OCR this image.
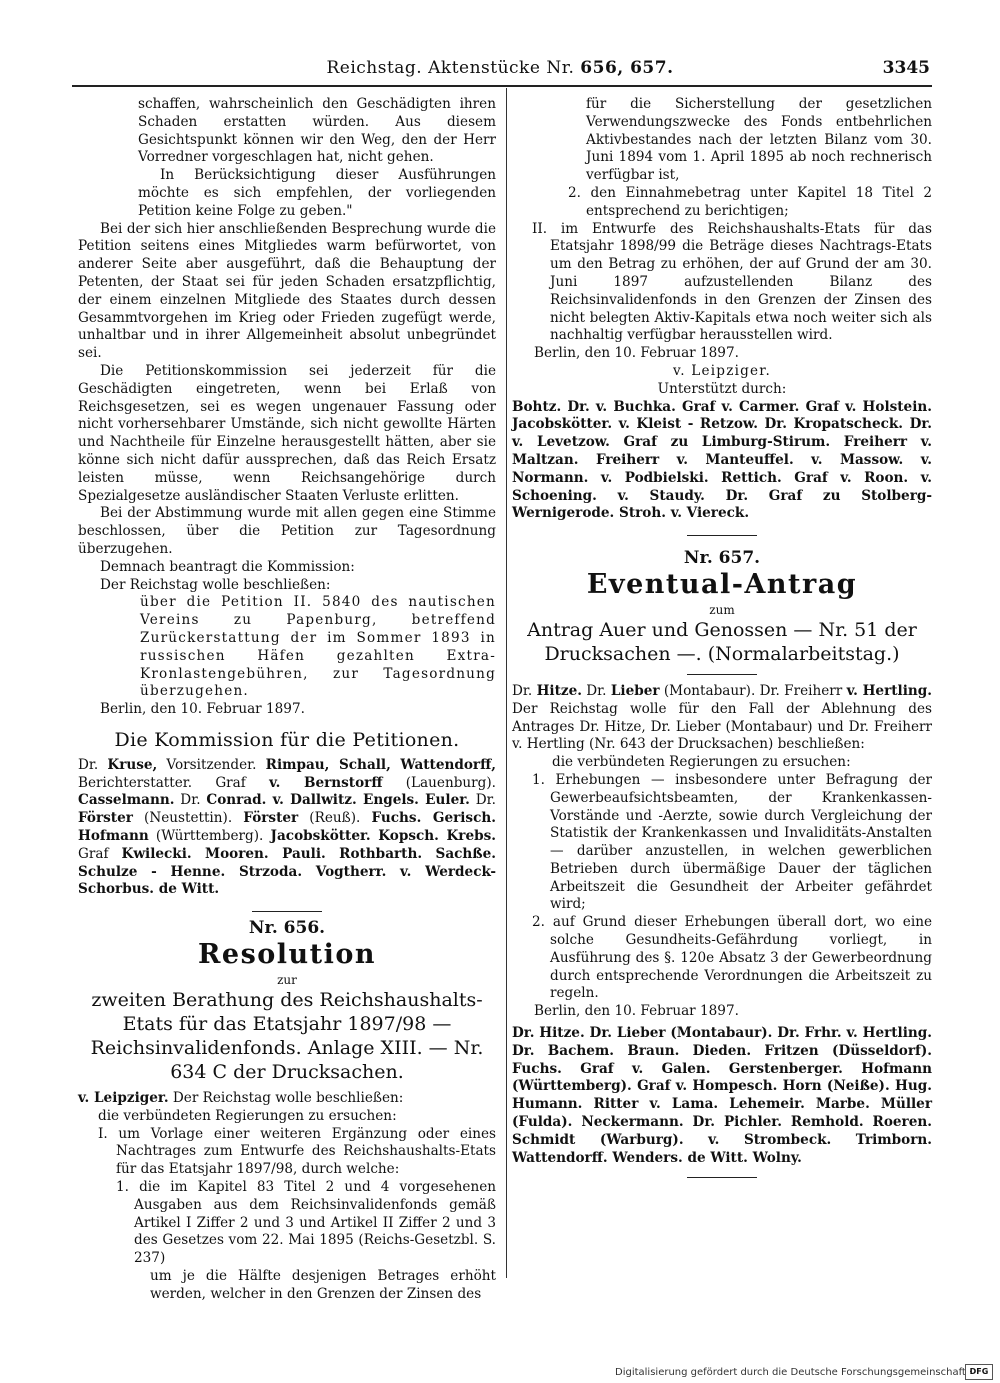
Reichstag. Aktenstücke Nr. 656, 657.	3345

schaffen, wahrscheinlich den Geschädigten ihren Schaden erstatten würden. Aus diesem Gesichtspunkt können wir den Weg, den der Herr Vorredner vorgeschlagen hat, nicht gehen.

In Berücksichtigung dieser Ausführungen möchte es sich empfehlen, der vorliegenden Petition keine Folge zu geben."

Bei der sich hier anschließenden Besprechung wurde die Petition seitens eines Mitgliedes warm befürwortet, von anderer Seite aber ausgeführt, daß die Behauptung der Petenten, der Staat sei für jeden Schaden ersatzpflichtig, der einem einzelnen Mitgliede des Staates durch dessen Gesammtvorgehen im Krieg oder Frieden zugefügt werde, unhaltbar und in ihrer Allgemeinheit absolut unbegründet sei.

Die Petitionskommission sei jederzeit für die Geschädigten eingetreten, wenn bei Erlaß von Reichsgesetzen, sei es wegen ungenauer Fassung oder nicht vorhersehbarer Umstände, sich nicht gewollte Härten und Nachtheile für Einzelne herausgestellt hätten, aber sie könne sich nicht dafür aussprechen, daß das Reich Ersatz leisten müsse, wenn Reichsangehörige durch Spezialgesetze ausländischer Staaten Verluste erlitten.

Bei der Abstimmung wurde mit allen gegen eine Stimme beschlossen, über die Petition zur Tagesordnung überzugehen.

Demnach beantragt die Kommission:

Der Reichstag wolle beschließen:

über die Petition II. 5840 des nautischen Vereins zu Papenburg, betreffend Zurückerstattung der im Sommer 1893 in russischen Häfen gezahlten Extra-Kronlastengebühren, zur Tagesordnung überzugehen.

Berlin, den 10. Februar 1897.

Die Kommission für die Petitionen.

Dr. Kruse, Vorsitzender. Rimpau, Schall, Wattendorff, Berichterstatter. Graf v. Bernstorff (Lauenburg). Casselmann. Dr. Conrad. v. Dallwitz. Engels. Euler. Dr. Förster (Neustettin). Förster (Reuß). Fuchs. Gerisch. Hofmann (Württemberg). Jacobskötter. Kopsch. Krebs. Graf Kwilecki. Mooren. Pauli. Rothbarth. Sachße. Schulze - Henne. Strzoda. Vogtherr. v. Werdeck-Schorbus. de Witt.

Nr. 656.
Resolution
zur
zweiten Berathung des Reichshaushalts-Etats für das Etatsjahr 1897/98 — Reichsinvalidenfonds. Anlage XIII. — Nr. 634 C der Drucksachen.

v. Leipziger. Der Reichstag wolle beschließen:

die verbündeten Regierungen zu ersuchen:

I. um Vorlage einer weiteren Ergänzung oder eines Nachtrages zum Entwurfe des Reichshaushalts-Etats für das Etatsjahr 1897/98, durch welche:

1. die im Kapitel 83 Titel 2 und 4 vorgesehenen Ausgaben aus dem Reichsinvalidenfonds gemäß Artikel I Ziffer 2 und 3 und Artikel II Ziffer 2 und 3 des Gesetzes vom 22. Mai 1895 (Reichs-Gesetzbl. S. 237)

um je die Hälfte desjenigen Betrages erhöht werden, welcher in den Grenzen der Zinsen des

für die Sicherstellung der gesetzlichen Verwendungszwecke des Fonds entbehrlichen Aktivbestandes nach der letzten Bilanz vom 30. Juni 1894 vom 1. April 1895 ab noch rechnerisch verfügbar ist,

2. den Einnahmebetrag unter Kapitel 18 Titel 2 entsprechend zu berichtigen;

II. im Entwurfe des Reichshaushalts-Etats für das Etatsjahr 1898/99 die Beträge dieses Nachtrags-Etats um den Betrag zu erhöhen, der auf Grund der am 30. Juni 1897 aufzustellenden Bilanz des Reichsinvalidenfonds in den Grenzen der Zinsen des nicht belegten Aktiv-Kapitals etwa noch weiter sich als nachhaltig verfügbar herausstellen wird.

Berlin, den 10. Februar 1897.

v. Leipziger.
Unterstützt durch:

Bohtz. Dr. v. Buchka. Graf v. Carmer. Graf v. Holstein. Jacobskötter. v. Kleist - Retzow. Dr. Kropatscheck. Dr. v. Levetzow. Graf zu Limburg-Stirum. Freiherr v. Maltzan. Freiherr v. Manteuffel. v. Massow. v. Normann. v. Podbielski. Rettich. Graf v. Roon. v. Schoening. v. Staudy. Dr. Graf zu Stolberg-Wernigerode. Stroh. v. Viereck.

Nr. 657.
Eventual-Antrag
zum
Antrag Auer und Genossen — Nr. 51 der Drucksachen —. (Normalarbeitstag.)

Dr. Hitze. Dr. Lieber (Montabaur). Dr. Freiherr v. Hertling. Der Reichstag wolle für den Fall der Ablehnung des Antrages Dr. Hitze, Dr. Lieber (Montabaur) und Dr. Freiherr v. Hertling (Nr. 643 der Drucksachen) beschließen:

die verbündeten Regierungen zu ersuchen:

1. Erhebungen — insbesondere unter Befragung der Gewerbeaufsichtsbeamten, der Krankenkassen-Vorstände und -Aerzte, sowie durch Vergleichung der Statistik der Krankenkassen und Invaliditäts-Anstalten — darüber anzustellen, in welchen gewerblichen Betrieben durch übermäßige Dauer der täglichen Arbeitszeit die Gesundheit der Arbeiter gefährdet wird;

2. auf Grund dieser Erhebungen überall dort, wo eine solche Gesundheits-Gefährdung vorliegt, in Ausführung des §. 120e Absatz 3 der Gewerbeordnung durch entsprechende Verordnungen die Arbeitszeit zu regeln.

Berlin, den 10. Februar 1897.

Dr. Hitze. Dr. Lieber (Montabaur). Dr. Frhr. v. Hertling. Dr. Bachem. Braun. Dieden. Fritzen (Düsseldorf). Fuchs. Graf v. Galen. Gerstenberger. Hofmann (Württemberg). Graf v. Hompesch. Horn (Neiße). Hug. Humann. Ritter v. Lama. Lehemeir. Marbe. Müller (Fulda). Neckermann. Dr. Pichler. Remhold. Roeren. Schmidt (Warburg). v. Strombeck. Trimborn. Wattendorff. Wenders. de Witt. Wolny.

Digitalisierung gefördert durch die Deutsche Forschungsgemeinschaft ·
DFG
